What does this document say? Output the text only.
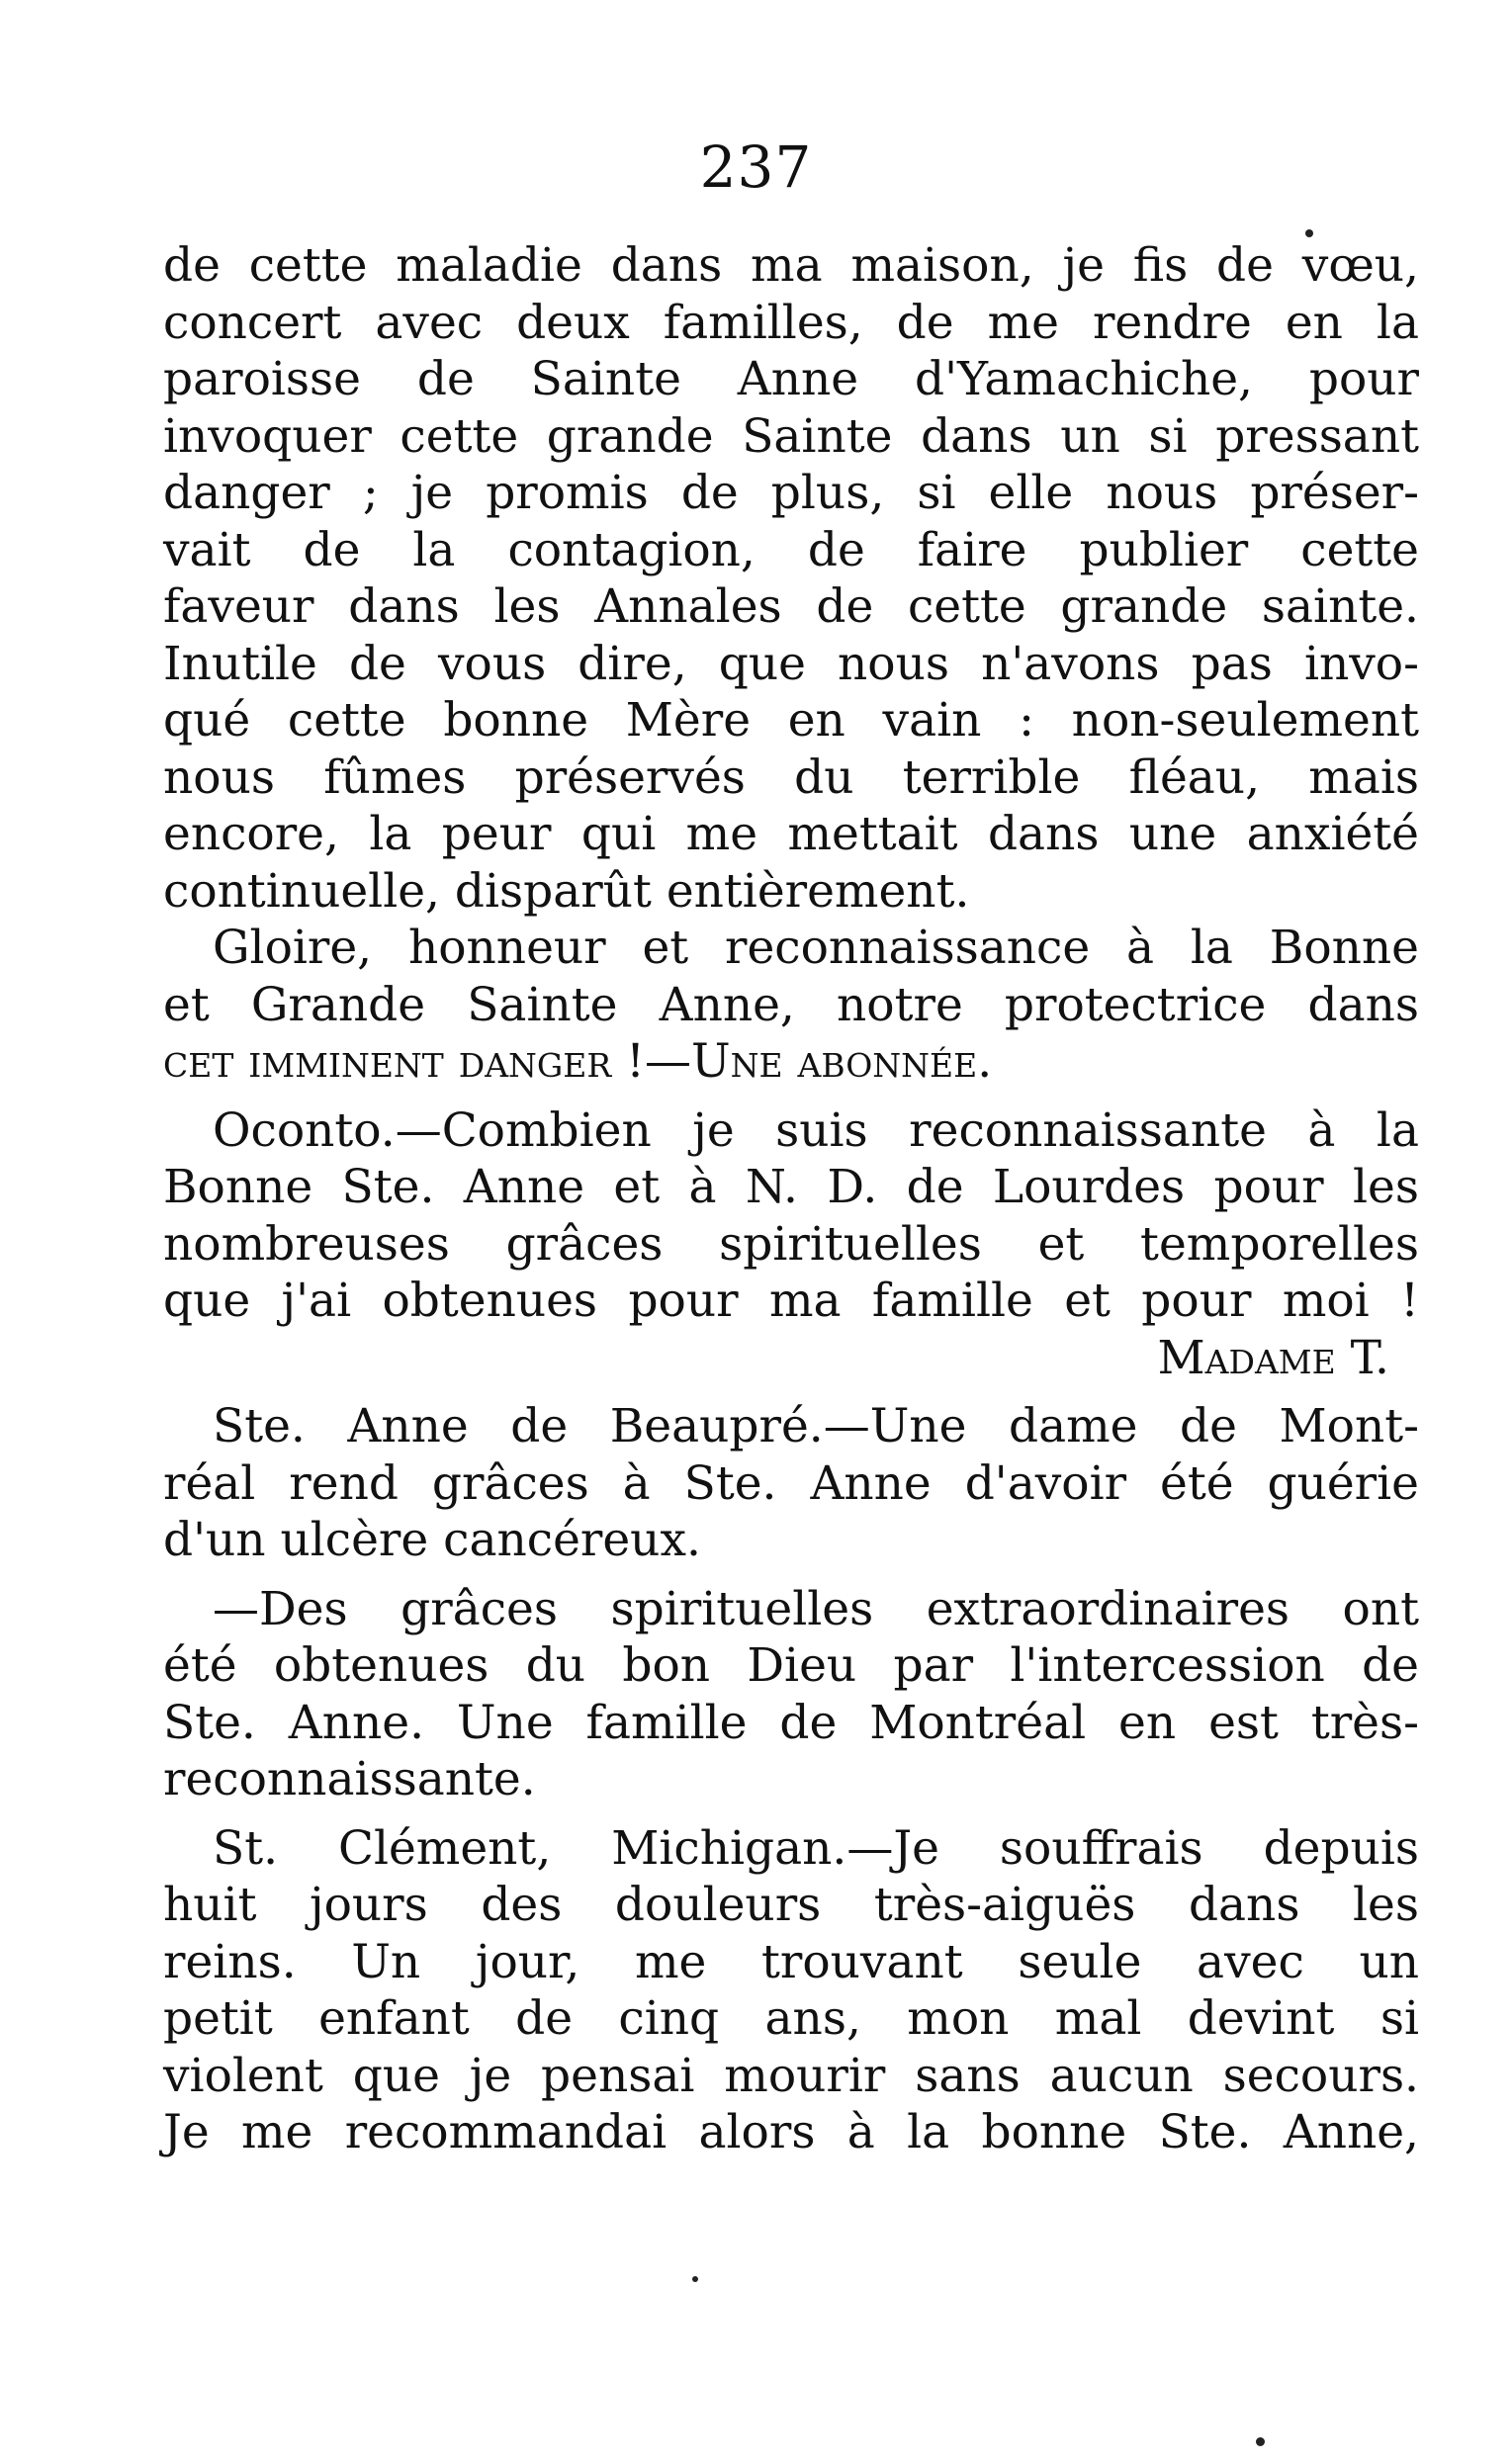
237
de cette maladie dans ma maison, je fis de vœu,
concert avec deux familles, de me rendre en la
paroisse de Sainte Anne d'Yamachiche, pour
invoquer cette grande Sainte dans un si pressant
danger ; je promis de plus, si elle nous préser-
vait de la contagion, de faire publier cette
faveur dans les Annales de cette grande sainte.
Inutile de vous dire, que nous n'avons pas invo-
qué cette bonne Mère en vain : non-seulement
nous fûmes préservés du terrible fléau, mais
encore, la peur qui me mettait dans une anxiété
continuelle, disparût entièrement.
Gloire, honneur et reconnaissance à la Bonne
et Grande Sainte Anne, notre protectrice dans
cet imminent danger !—Une abonnée.
Oconto.—Combien je suis reconnaissante à la
Bonne Ste. Anne et à N. D. de Lourdes pour les
nombreuses grâces spirituelles et temporelles
que j'ai obtenues pour ma famille et pour moi !
Madame T.
Ste. Anne de Beaupré.—Une dame de Mont-
réal rend grâces à Ste. Anne d'avoir été guérie
d'un ulcère cancéreux.
—Des grâces spirituelles extraordinaires ont
été obtenues du bon Dieu par l'intercession de
Ste. Anne. Une famille de Montréal en est très-
reconnaissante.
St. Clément, Michigan.—Je souffrais depuis
huit jours des douleurs très-aiguës dans les
reins. Un jour, me trouvant seule avec un
petit enfant de cinq ans, mon mal devint si
violent que je pensai mourir sans aucun secours.
Je me recommandai alors à la bonne Ste. Anne,
